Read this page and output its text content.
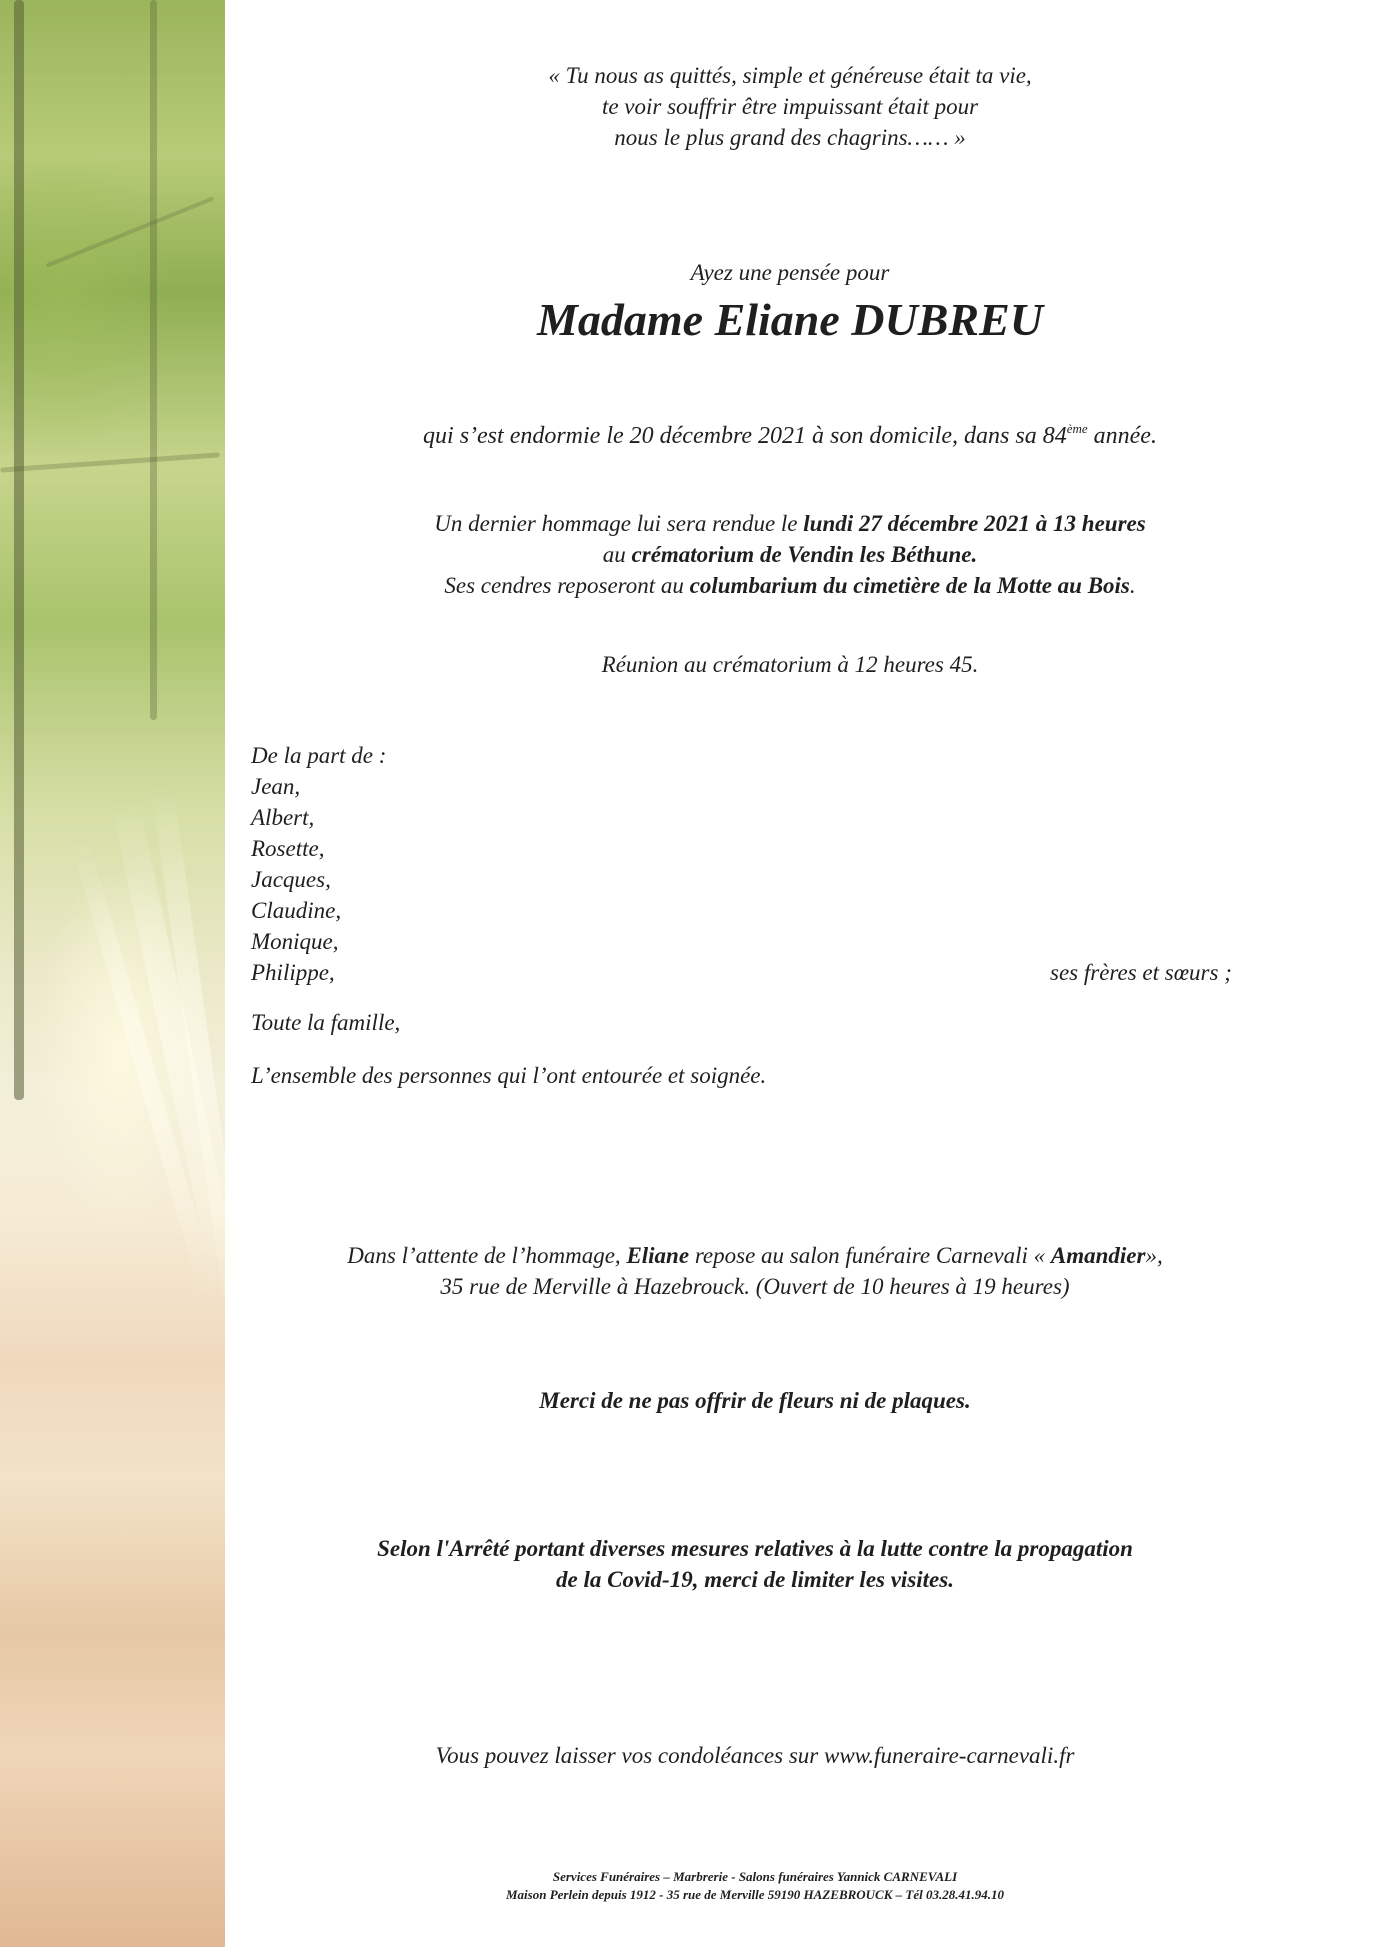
« Tu nous as quittés, simple et généreuse était ta vie,
te voir souffrir être impuissant était pour
nous le plus grand des chagrins…… »
Ayez une pensée pour
Madame Eliane DUBREU
qui s’est endormie le 20 décembre 2021 à son domicile, dans sa 84ème année.
Un dernier hommage lui sera rendue le lundi 27 décembre 2021 à 13 heures
au crématorium de Vendin les Béthune.
Ses cendres reposeront au columbarium du cimetière de la Motte au Bois.
Réunion au crématorium à 12 heures 45.
De la part de :
Jean,
Albert,
Rosette,
Jacques,
Claudine,
Monique,
Philippe,	ses frères et sœurs ;
Toute la famille,
L’ensemble des personnes qui l’ont entourée et soignée.
Dans l’attente de l’hommage, Eliane repose au salon funéraire Carnevali « Amandier»,
35 rue de Merville à Hazebrouck. (Ouvert de 10 heures à 19 heures)
Merci de ne pas offrir de fleurs ni de plaques.
Selon l'Arrêté portant diverses mesures relatives à la lutte contre la propagation
de la Covid-19, merci de limiter les visites.
Vous pouvez laisser vos condoléances sur www.funeraire-carnevali.fr
Services Funéraires – Marbrerie - Salons funéraires Yannick CARNEVALI
Maison Perlein depuis 1912 - 35 rue de Merville 59190 HAZEBROUCK – Tél 03.28.41.94.10
